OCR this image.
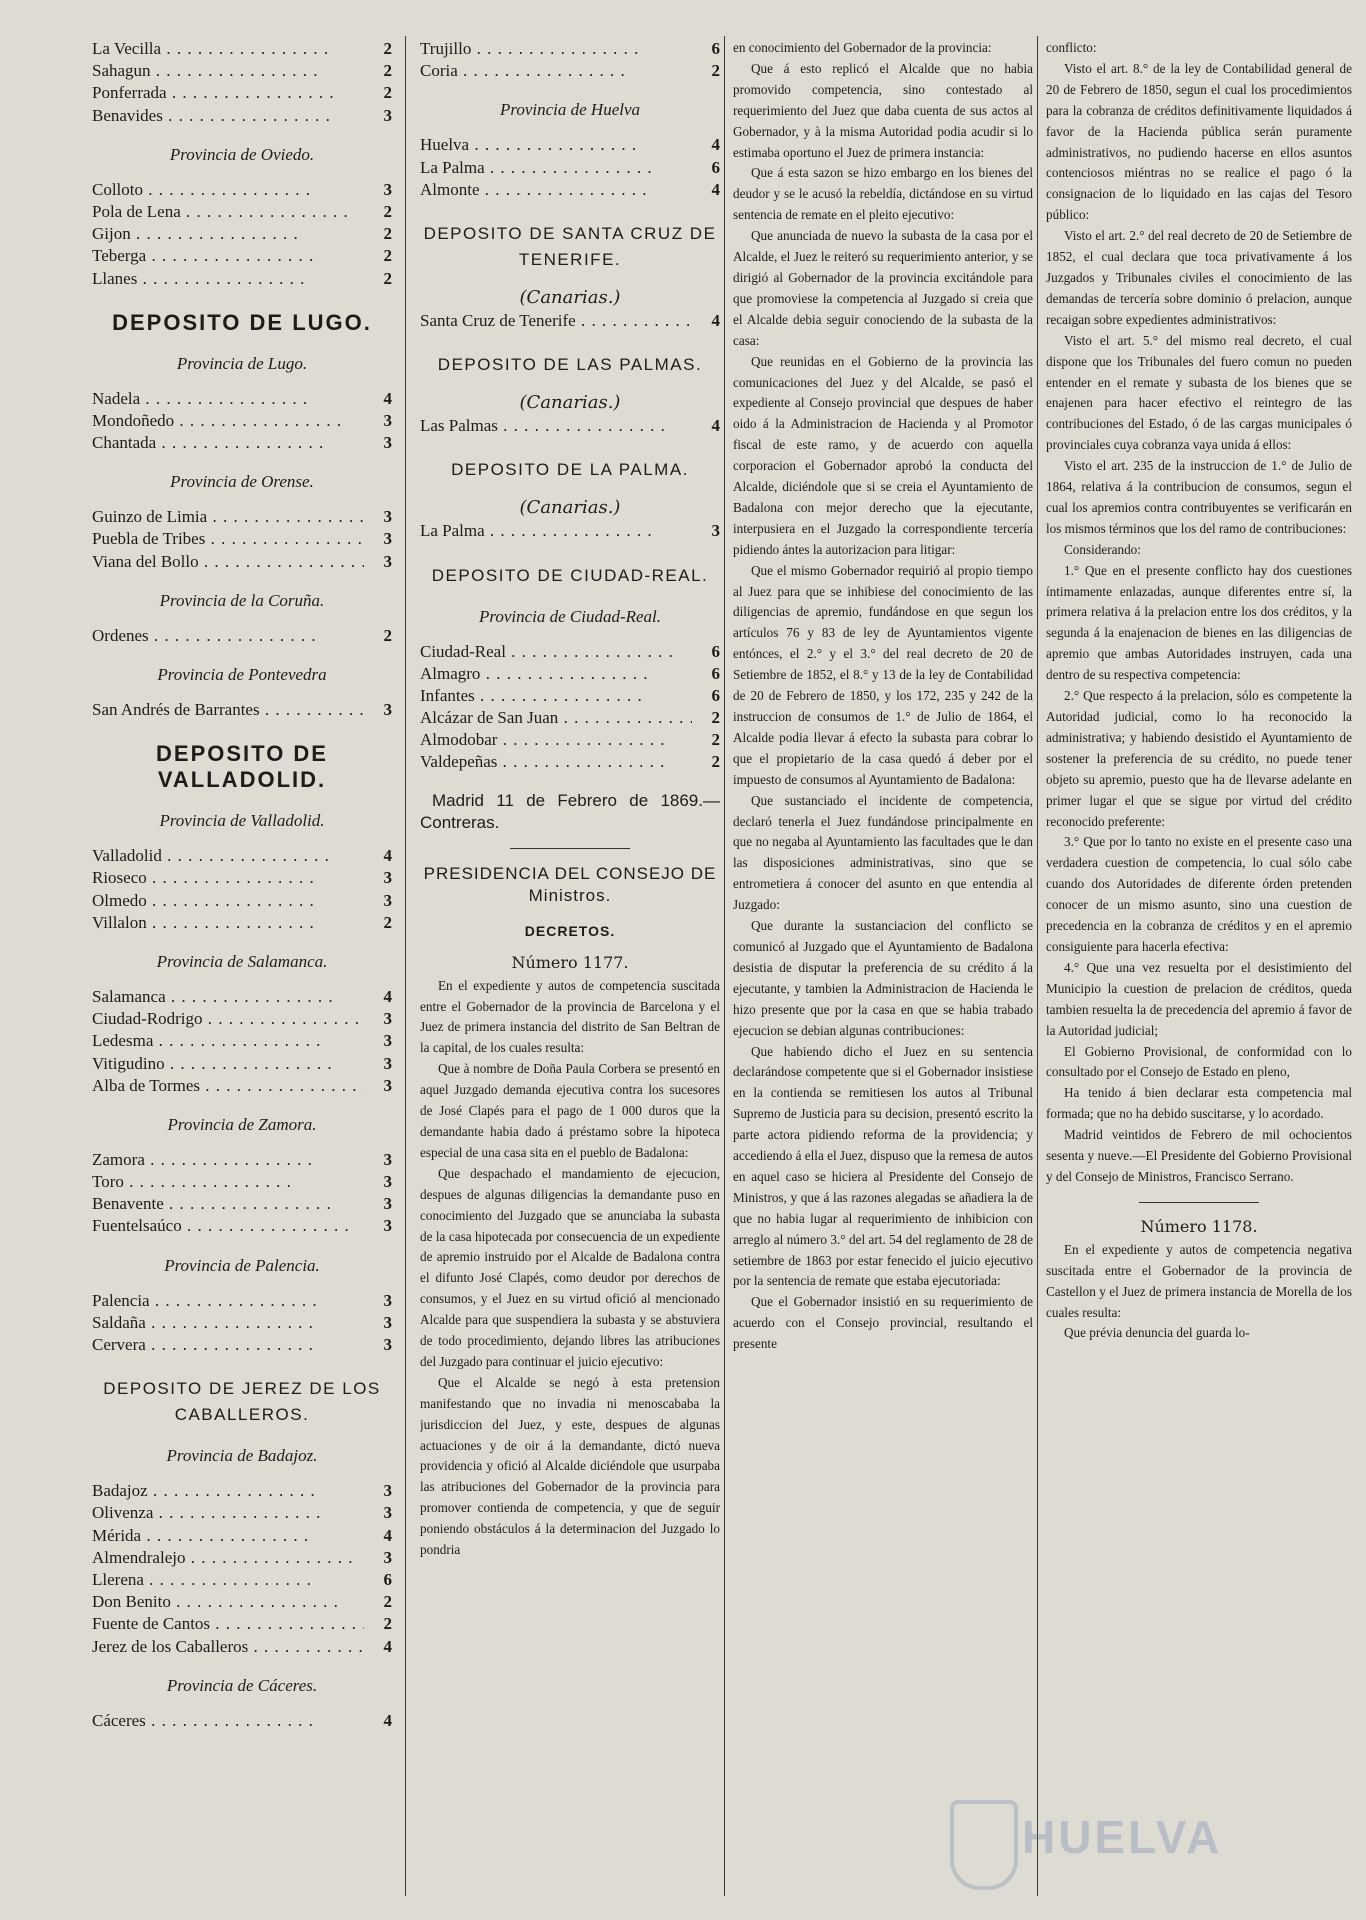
La Vecilla . .	2
Sahagun . .	2
Ponferrada . .	2
Benavides . .	3
Provincia de Oviedo.
Colloto . .	3
Pola de Lena . .	2
Gijon . .	2
Teberga . .	2
Llanes . .	2
DEPOSITO DE LUGO.
Provincia de Lugo.
Nadela . .	4
Mondoñedo . .	3
Chantada . .	3
Provincia de Orense.
Guinzo de Limia . .	3
Puebla de Tribes . .	3
Viana del Bollo . .	3
Provincia de la Coruña.
Ordenes . .	2
Provincia de Pontevedra
San Andrés de Barrantes . .	3
DEPOSITO DE VALLADOLID.
Provincia de Valladolid.
Valladolid . .	4
Rioseco . .	3
Olmedo . .	3
Villalon . .	2
Provincia de Salamanca.
Salamanca . .	4
Ciudad-Rodrigo . .	3
Ledesma . .	3
Vitigudino . .	3
Alba de Tormes . .	3
Provincia de Zamora.
Zamora . .	3
Toro . .	3
Benavente . .	3
Fuentelsaúco . .	3
Provincia de Palencia.
Palencia . .	3
Saldaña . .	3
Cervera . .	3
DEPOSITO DE JEREZ DE LOS CABALLEROS.
Provincia de Badajoz.
Badajoz . .	3
Olivenza . .	3
Mérida . .	4
Almendralejo . .	3
Llerena . .	6
Don Benito . .	2
Fuente de Cantos . .	2
Jerez de los Caballeros . .	4
Provincia de Cáceres.
Cáceres . .	4
Trujillo . .	6
Coria . .	2
Provincia de Huelva
Huelva . .	4
La Palma . .	6
Almonte . .	4
DEPOSITO DE SANTA CRUZ DE TENERIFE.
(Canarias.)
Santa Cruz de Tenerife . .	4
DEPOSITO DE LAS PALMAS.
(Canarias.)
Las Palmas . .	4
DEPOSITO DE LA PALMA.
(Canarias.)
La Palma . .	3
DEPOSITO DE CIUDAD-REAL.
Provincia de Ciudad-Real.
Ciudad-Real . .	6
Almagro . .	6
Infantes . .	6
Alcázar de San Juan . .	2
Almodobar . .	2
Valdepeñas . .	2
Madrid 11 de Febrero de 1869.—Contreras.
PRESIDENCIA DEL CONSEJO DE Ministros.
DECRETOS.
Número 1177.

En el expediente y autos de competencia suscitada entre el Gobernador de la provincia de Barcelona y el Juez de primera instancia del distrito de San Beltran de la capital, de los cuales resulta:

Que à nombre de Doña Paula Corbera se presentó en aquel Juzgado demanda ejecutiva contra los sucesores de José Clapés para el pago de 1 000 duros que la demandante habia dado á préstamo sobre la hipoteca especial de una casa sita en el pueblo de Badalona:

Que despachado el mandamiento de ejecucion, despues de algunas diligencias la demandante puso en conocimiento del Juzgado que se anunciaba la subasta de la casa hipotecada por consecuencia de un expediente de apremio instruido por el Alcalde de Badalona contra el difunto José Clapés, como deudor por derechos de consumos, y el Juez en su virtud ofició al mencionado Alcalde para que suspendiera la subasta y se abstuviera de todo procedimiento, dejando libres las atribuciones del Juzgado para continuar el juicio ejecutivo:

Que el Alcalde se negó à esta pretension manifestando que no invadia ni menoscababa la jurisdiccion del Juez, y este, despues de algunas actuaciones y de oir á la demandante, dictó nueva providencia y ofició al Alcalde diciéndole que usurpaba las atribuciones del Gobernador de la provincia para promover contienda de competencia, y que de seguir poniendo obstáculos á la determinacion del Juzgado lo pondria

en conocimiento del Gobernador de la provincia:

Que á esto replicó el Alcalde que no habia promovido competencia, sino contestado al requerimiento del Juez que daba cuenta de sus actos al Gobernador, y à la misma Autoridad podia acudir si lo estimaba oportuno el Juez de primera instancia:

Que á esta sazon se hizo embargo en los bienes del deudor y se le acusó la rebeldía, dictándose en su virtud sentencia de remate en el pleito ejecutivo:

Que anunciada de nuevo la subasta de la casa por el Alcalde, el Juez le reiteró su requerimiento anterior, y se dirigió al Gobernador de la provincia excitándole para que promoviese la competencia al Juzgado si creia que el Alcalde debia seguir conociendo de la subasta de la casa:

Que reunidas en el Gobierno de la provincia las comunicaciones del Juez y del Alcalde, se pasó el expediente al Consejo provincial que despues de haber oido á la Administracion de Hacienda y al Promotor fiscal de este ramo, y de acuerdo con aquella corporacion el Gobernador aprobó la conducta del Alcalde, diciéndole que si se creia el Ayuntamiento de Badalona con mejor derecho que la ejecutante, interpusiera en el Juzgado la correspondiente tercería pidiendo ántes la autorizacion para litigar:

Que el mismo Gobernador requirió al propio tiempo al Juez para que se inhibiese del conocimiento de las diligencias de apremio, fundándose en que segun los artículos 76 y 83 de ley de Ayuntamientos vigente entónces, el 2.° y el 3.° del real decreto de 20 de Setiembre de 1852, el 8.° y 13 de la ley de Contabilidad de 20 de Febrero de 1850, y los 172, 235 y 242 de la instruccion de consumos de 1.° de Julio de 1864, el Alcalde podia llevar á efecto la subasta para cobrar lo que el propietario de la casa quedó á deber por el impuesto de consumos al Ayuntamiento de Badalona:

Que sustanciado el incidente de competencia, declaró tenerla el Juez fundándose principalmente en que no negaba al Ayuntamiento las facultades que le dan las disposiciones administrativas, sino que se entrometiera á conocer del asunto en que entendia al Juzgado:

Que durante la sustanciacion del conflicto se comunicó al Juzgado que el Ayuntamiento de Badalona desistia de disputar la preferencia de su crédito á la ejecutante, y tambien la Administracion de Hacienda le hizo presente que por la casa en que se habia trabado ejecucion se debian algunas contribuciones:

Que habiendo dicho el Juez en su sentencia declarándose competente que si el Gobernador insistiese en la contienda se remitiesen los autos al Tribunal Supremo de Justicia para su decision, presentó escrito la parte actora pidiendo reforma de la providencia; y accediendo á ella el Juez, dispuso que la remesa de autos en aquel caso se hiciera al Presidente del Consejo de Ministros, y que á las razones alegadas se añadiera la de que no habia lugar al requerimiento de inhibicion con arreglo al número 3.° del art. 54 del reglamento de 28 de setiembre de 1863 por estar fenecido el juicio ejecutivo por la sentencia de remate que estaba ejecutoriada:

Que el Gobernador insistió en su requerimiento de acuerdo con el Consejo provincial, resultando el presente

conflicto:

Visto el art. 8.° de la ley de Contabilidad general de 20 de Febrero de 1850, segun el cual los procedimientos para la cobranza de créditos definitivamente liquidados á favor de la Hacienda pública serán puramente administrativos, no pudiendo hacerse en ellos asuntos contenciosos miéntras no se realice el pago ó la consignacion de lo liquidado en las cajas del Tesoro público:

Visto el art. 2.° del real decreto de 20 de Setiembre de 1852, el cual declara que toca privativamente á los Juzgados y Tribunales civiles el conocimiento de las demandas de tercería sobre dominio ó prelacion, aunque recaigan sobre expedientes administrativos:

Visto el art. 5.° del mismo real decreto, el cual dispone que los Tribunales del fuero comun no pueden entender en el remate y subasta de los bienes que se enajenen para hacer efectivo el reintegro de las contribuciones del Estado, ó de las cargas municipales ó provinciales cuya cobranza vaya unida á ellos:

Visto el art. 235 de la instruccion de 1.° de Julio de 1864, relativa á la contribucion de consumos, segun el cual los apremios contra contribuyentes se verificarán en los mismos términos que los del ramo de contribuciones:

Considerando:

1.° Que en el presente conflicto hay dos cuestiones íntimamente enlazadas, aunque diferentes entre sí, la primera relativa á la prelacion entre los dos créditos, y la segunda á la enajenacion de bienes en las diligencias de apremio que ambas Autoridades instruyen, cada una dentro de su respectiva competencia:

2.° Que respecto á la prelacion, sólo es competente la Autoridad judicial, como lo ha reconocido la administrativa; y habiendo desistido el Ayuntamiento de sostener la preferencia de su crédito, no puede tener objeto su apremio, puesto que ha de llevarse adelante en primer lugar el que se sigue por virtud del crédito reconocido preferente:

3.° Que por lo tanto no existe en el presente caso una verdadera cuestion de competencia, lo cual sólo cabe cuando dos Autoridades de diferente órden pretenden conocer de un mismo asunto, sino una cuestion de precedencia en la cobranza de créditos y en el apremio consiguiente para hacerla efectiva:

4.° Que una vez resuelta por el desistimiento del Municipio la cuestion de prelacion de créditos, queda tambien resuelta la de precedencia del apremio á favor de la Autoridad judicial;

El Gobierno Provisional, de conformidad con lo consultado por el Consejo de Estado en pleno,

Ha tenido á bien declarar esta competencia mal formada; que no ha debido suscitarse, y lo acordado.

Madrid veintidos de Febrero de mil ochocientos sesenta y nueve.—El Presidente del Gobierno Provisional y del Consejo de Ministros, Francisco Serrano.

Número 1178.

En el expediente y autos de competencia negativa suscitada entre el Gobernador de la provincia de Castellon y el Juez de primera instancia de Morella de los cuales resulta:

Que prévia denuncia del guarda lo-

HUELVA
